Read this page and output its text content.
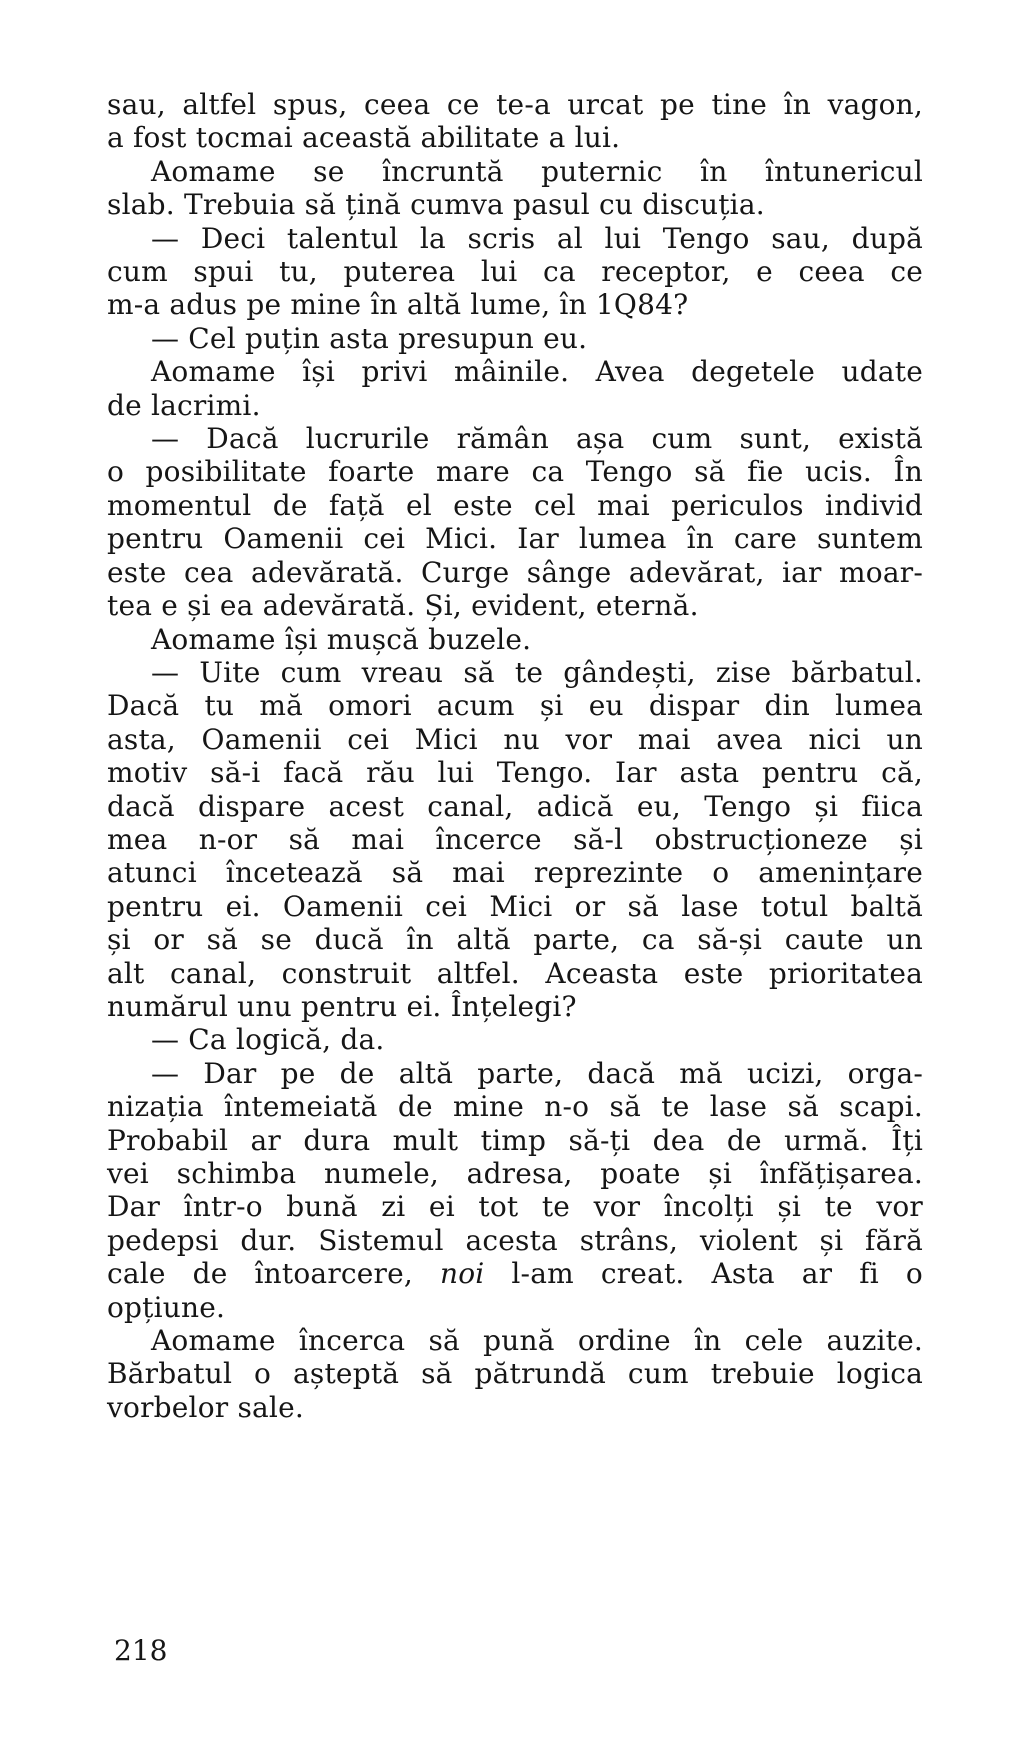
sau, altfel spus, ceea ce te-a urcat pe tine în vagon,
a fost tocmai această abilitate a lui.
Aomame se încruntă puternic în întunericul
slab. Trebuia să țină cumva pasul cu discuția.
— Deci talentul la scris al lui Tengo sau, după
cum spui tu, puterea lui ca receptor, e ceea ce
m-a adus pe mine în altă lume, în 1Q84?
— Cel puțin asta presupun eu.
Aomame își privi mâinile. Avea degetele udate
de lacrimi.
— Dacă lucrurile rămân așa cum sunt, există
o posibilitate foarte mare ca Tengo să fie ucis. În
momentul de față el este cel mai periculos individ
pentru Oamenii cei Mici. Iar lumea în care suntem
este cea adevărată. Curge sânge adevărat, iar moar-
tea e și ea adevărată. Și, evident, eternă.
Aomame își mușcă buzele.
— Uite cum vreau să te gândești, zise bărbatul.
Dacă tu mă omori acum și eu dispar din lumea
asta, Oamenii cei Mici nu vor mai avea nici un
motiv să-i facă rău lui Tengo. Iar asta pentru că,
dacă dispare acest canal, adică eu, Tengo și fiica
mea n-or să mai încerce să-l obstrucționeze și
atunci încetează să mai reprezinte o amenințare
pentru ei. Oamenii cei Mici or să lase totul baltă
și or să se ducă în altă parte, ca să-și caute un
alt canal, construit altfel. Aceasta este prioritatea
numărul unu pentru ei. Înțelegi?
— Ca logică, da.
— Dar pe de altă parte, dacă mă ucizi, orga-
nizația întemeiată de mine n-o să te lase să scapi.
Probabil ar dura mult timp să-ți dea de urmă. Îți
vei schimba numele, adresa, poate și înfățișarea.
Dar într-o bună zi ei tot te vor încolți și te vor
pedepsi dur. Sistemul acesta strâns, violent și fără
cale de întoarcere, noi l-am creat. Asta ar fi o
opțiune.
Aomame încerca să pună ordine în cele auzite.
Bărbatul o așteptă să pătrundă cum trebuie logica
vorbelor sale.
218
